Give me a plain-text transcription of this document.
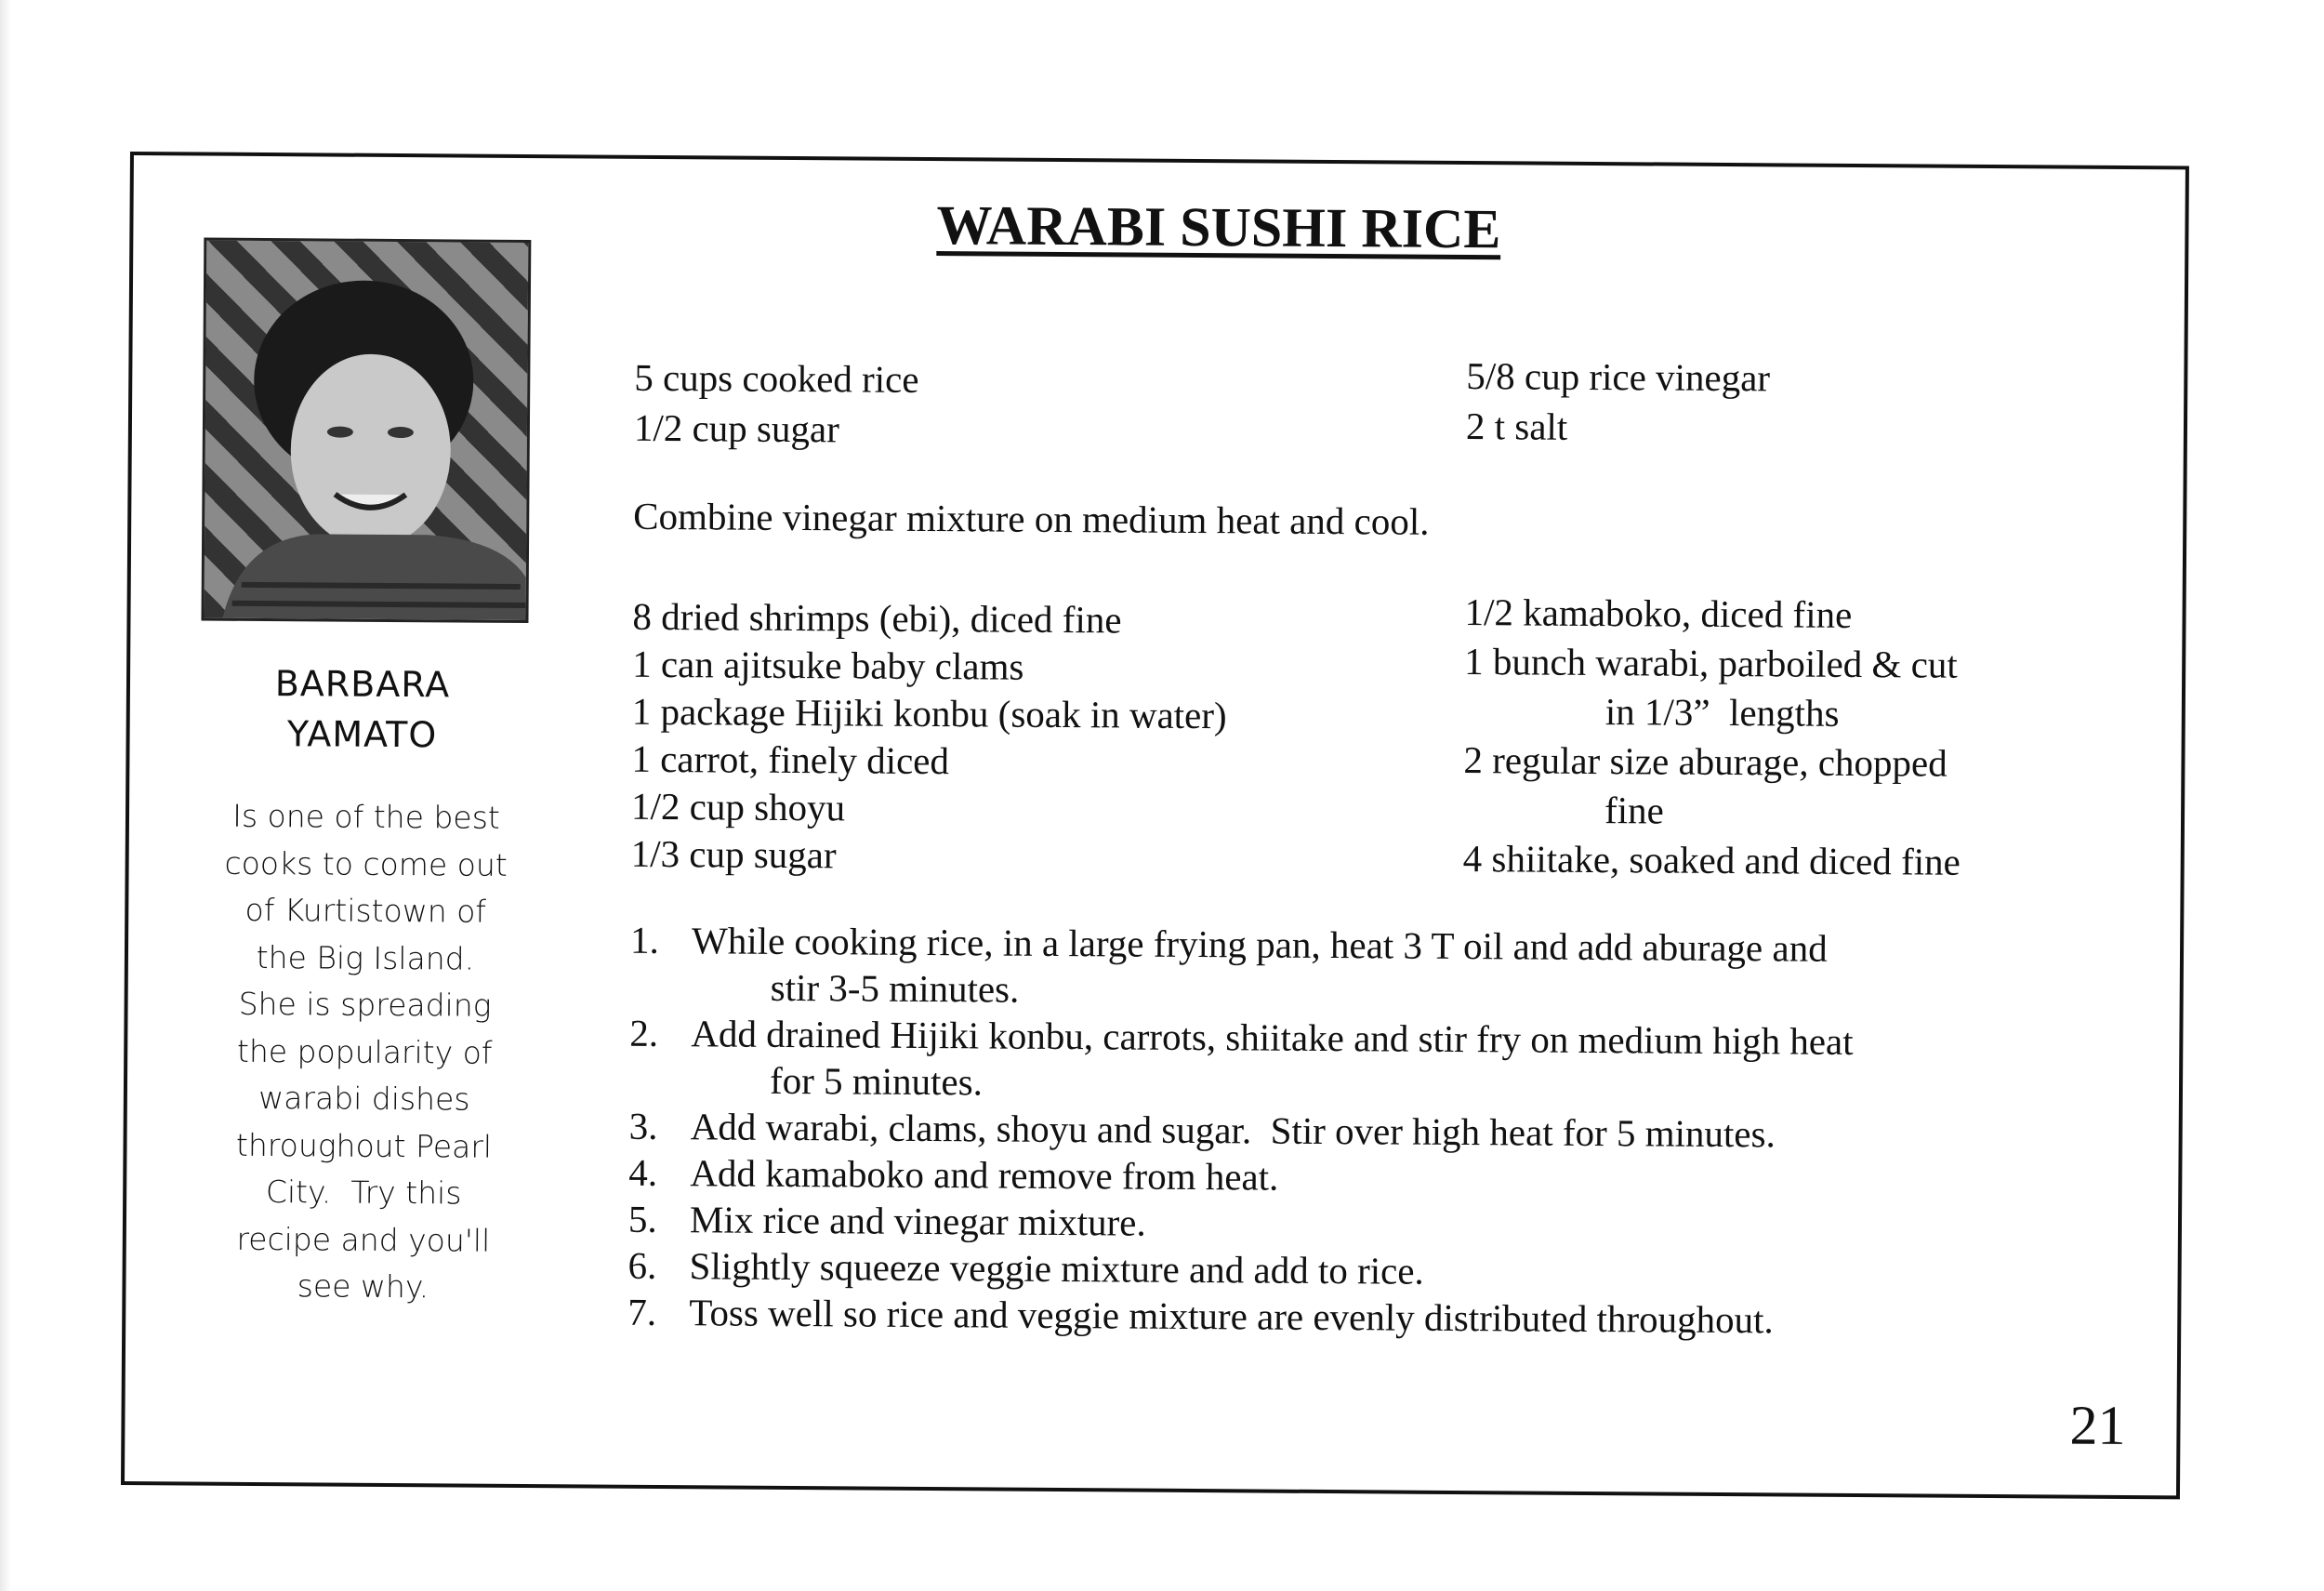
WARABI SUSHI RICE
BARBARA
YAMATO
Is one of the best
cooks to come out
of Kurtistown of
the Big Island.
She is spreading
the popularity of
warabi dishes
throughout Pearl
City.  Try this
recipe and you'll
see why.
5 cups cooked rice
1/2 cup sugar
5/8 cup rice vinegar
2 t salt
Combine vinegar mixture on medium heat and cool.
8 dried shrimps (ebi), diced fine
1 can ajitsuke baby clams
1 package Hijiki konbu (soak in water)
1 carrot, finely diced
1/2 cup shoyu
1/3 cup sugar
1/2 kamaboko, diced fine
1 bunch warabi, parboiled & cut
in 1/3”  lengths
2 regular size aburage, chopped
fine
4 shiitake, soaked and diced fine
1. While cooking rice, in a large frying pan, heat 3 T oil and add aburage and
stir 3-5 minutes.
2. Add drained Hijiki konbu, carrots, shiitake and stir fry on medium high heat
for 5 minutes.
3. Add warabi, clams, shoyu and sugar.  Stir over high heat for 5 minutes.
4. Add kamaboko and remove from heat.
5. Mix rice and vinegar mixture.
6. Slightly squeeze veggie mixture and add to rice.
7. Toss well so rice and veggie mixture are evenly distributed throughout.
21
